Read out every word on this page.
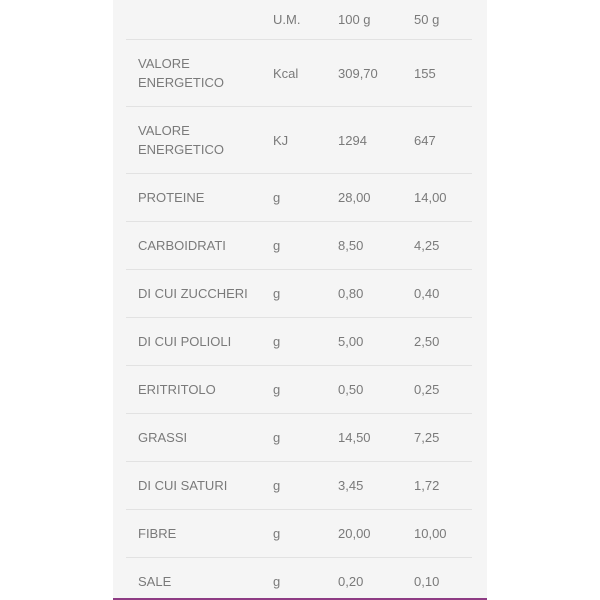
	U.M.	100 g	50 g
VALORE ENERGETICO	Kcal	309,70	155
VALORE ENERGETICO	KJ	1294	647
PROTEINE	g	28,00	14,00
CARBOIDRATI	g	8,50	4,25
DI CUI ZUCCHERI	g	0,80	0,40
DI CUI POLIOLI	g	5,00	2,50
ERITRITOLO	g	0,50	0,25
GRASSI	g	14,50	7,25
DI CUI SATURI	g	3,45	1,72
FIBRE	g	20,00	10,00
SALE	g	0,20	0,10
